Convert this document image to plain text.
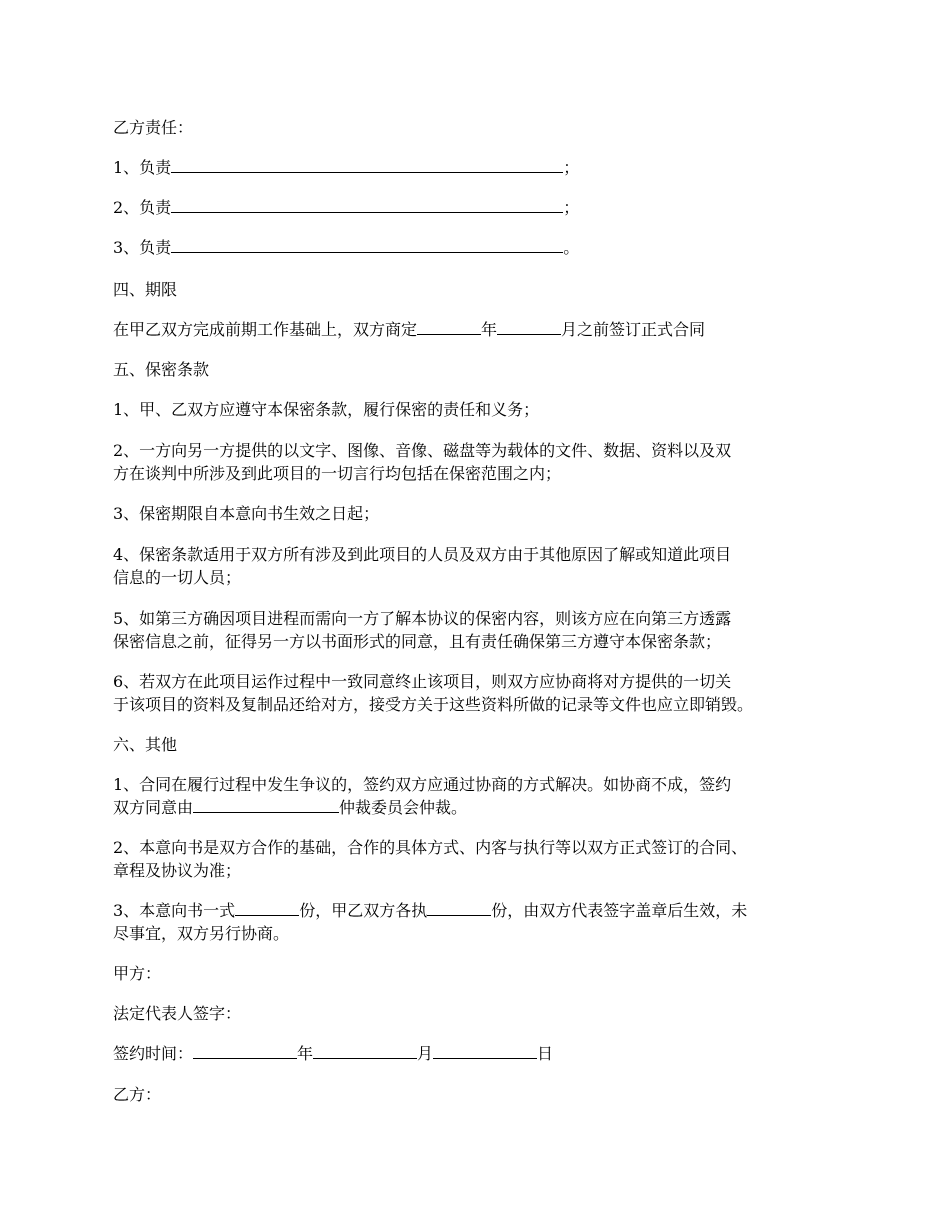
乙方责任：
1、负责	；
2、负责	；
3、负责	。
四、期限
在甲乙双方完成前期工作基础上，双方商定	年	月之前签订正式合同
五、保密条款
1、甲、乙双方应遵守本保密条款，履行保密的责任和义务；
2、一方向另一方提供的以文字、图像、音像、磁盘等为载体的文件、数据、资料以及双
方在谈判中所涉及到此项目的一切言行均包括在保密范围之内；
3、保密期限自本意向书生效之日起；
4、保密条款适用于双方所有涉及到此项目的人员及双方由于其他原因了解或知道此项目
信息的一切人员；
5、如第三方确因项目进程而需向一方了解本协议的保密内容，则该方应在向第三方透露
保密信息之前，征得另一方以书面形式的同意，且有责任确保第三方遵守本保密条款；
6、若双方在此项目运作过程中一致同意终止该项目，则双方应协商将对方提供的一切关
于该项目的资料及复制品还给对方，接受方关于这些资料所做的记录等文件也应立即销毁。
六、其他
1、合同在履行过程中发生争议的，签约双方应通过协商的方式解决。如协商不成，签约
双方同意由	仲裁委员会仲裁。
2、本意向书是双方合作的基础，合作的具体方式、内客与执行等以双方正式签订的合同、
章程及协议为准；
3、本意向书一式	份，甲乙双方各执	份，由双方代表签字盖章后生效，未
尽事宜，双方另行协商。
甲方：
法定代表人签字：
签约时间：	年	月	日
乙方：
